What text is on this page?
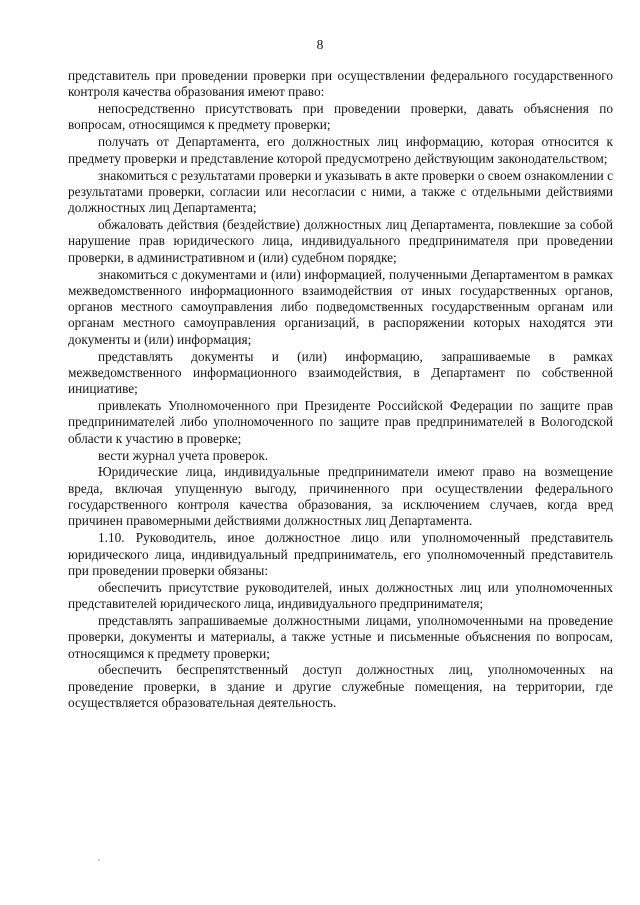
8

представитель при проведении проверки при осуществлении федерального государственного контроля качества образования имеют право:

непосредственно присутствовать при проведении проверки, давать объяснения по вопросам, относящимся к предмету проверки;

получать от Департамента, его должностных лиц информацию, которая относится к предмету проверки и представление которой предусмотрено действующим законодательством;

знакомиться с результатами проверки и указывать в акте проверки о своем ознакомлении с результатами проверки, согласии или несогласии с ними, а также с отдельными действиями должностных лиц Департамента;

обжаловать действия (бездействие) должностных лиц Департамента, повлекшие за собой нарушение прав юридического лица, индивидуального предпринимателя при проведении проверки, в административном и (или) судебном порядке;

знакомиться с документами и (или) информацией, полученными Департаментом в рамках межведомственного информационного взаимодействия от иных государственных органов, органов местного самоуправления либо подведомственных государственным органам или органам местного самоуправления организаций, в распоряжении которых находятся эти документы и (или) информация;

представлять документы и (или) информацию, запрашиваемые в рамках межведомственного информационного взаимодействия, в Департамент по собственной инициативе;

привлекать Уполномоченного при Президенте Российской Федерации по защите прав предпринимателей либо уполномоченного по защите прав предпринимателей в Вологодской области к участию в проверке;

вести журнал учета проверок.

Юридические лица, индивидуальные предприниматели имеют право на возмещение вреда, включая упущенную выгоду, причиненного при осуществлении федерального государственного контроля качества образования, за исключением случаев, когда вред причинен правомерными действиями должностных лиц Департамента.

1.10. Руководитель, иное должностное лицо или уполномоченный представитель юридического лица, индивидуальный предприниматель, его уполномоченный представитель при проведении проверки обязаны:

обеспечить присутствие руководителей, иных должностных лиц или уполномоченных представителей юридического лица, индивидуального предпринимателя;

представлять запрашиваемые должностными лицами, уполномоченными на проведение проверки, документы и материалы, а также устные и письменные объяснения по вопросам, относящимся к предмету проверки;

обеспечить беспрепятственный доступ должностных лиц, уполномоченных на проведение проверки, в здание и другие служебные помещения, на территории, где осуществляется образовательная деятельность.
